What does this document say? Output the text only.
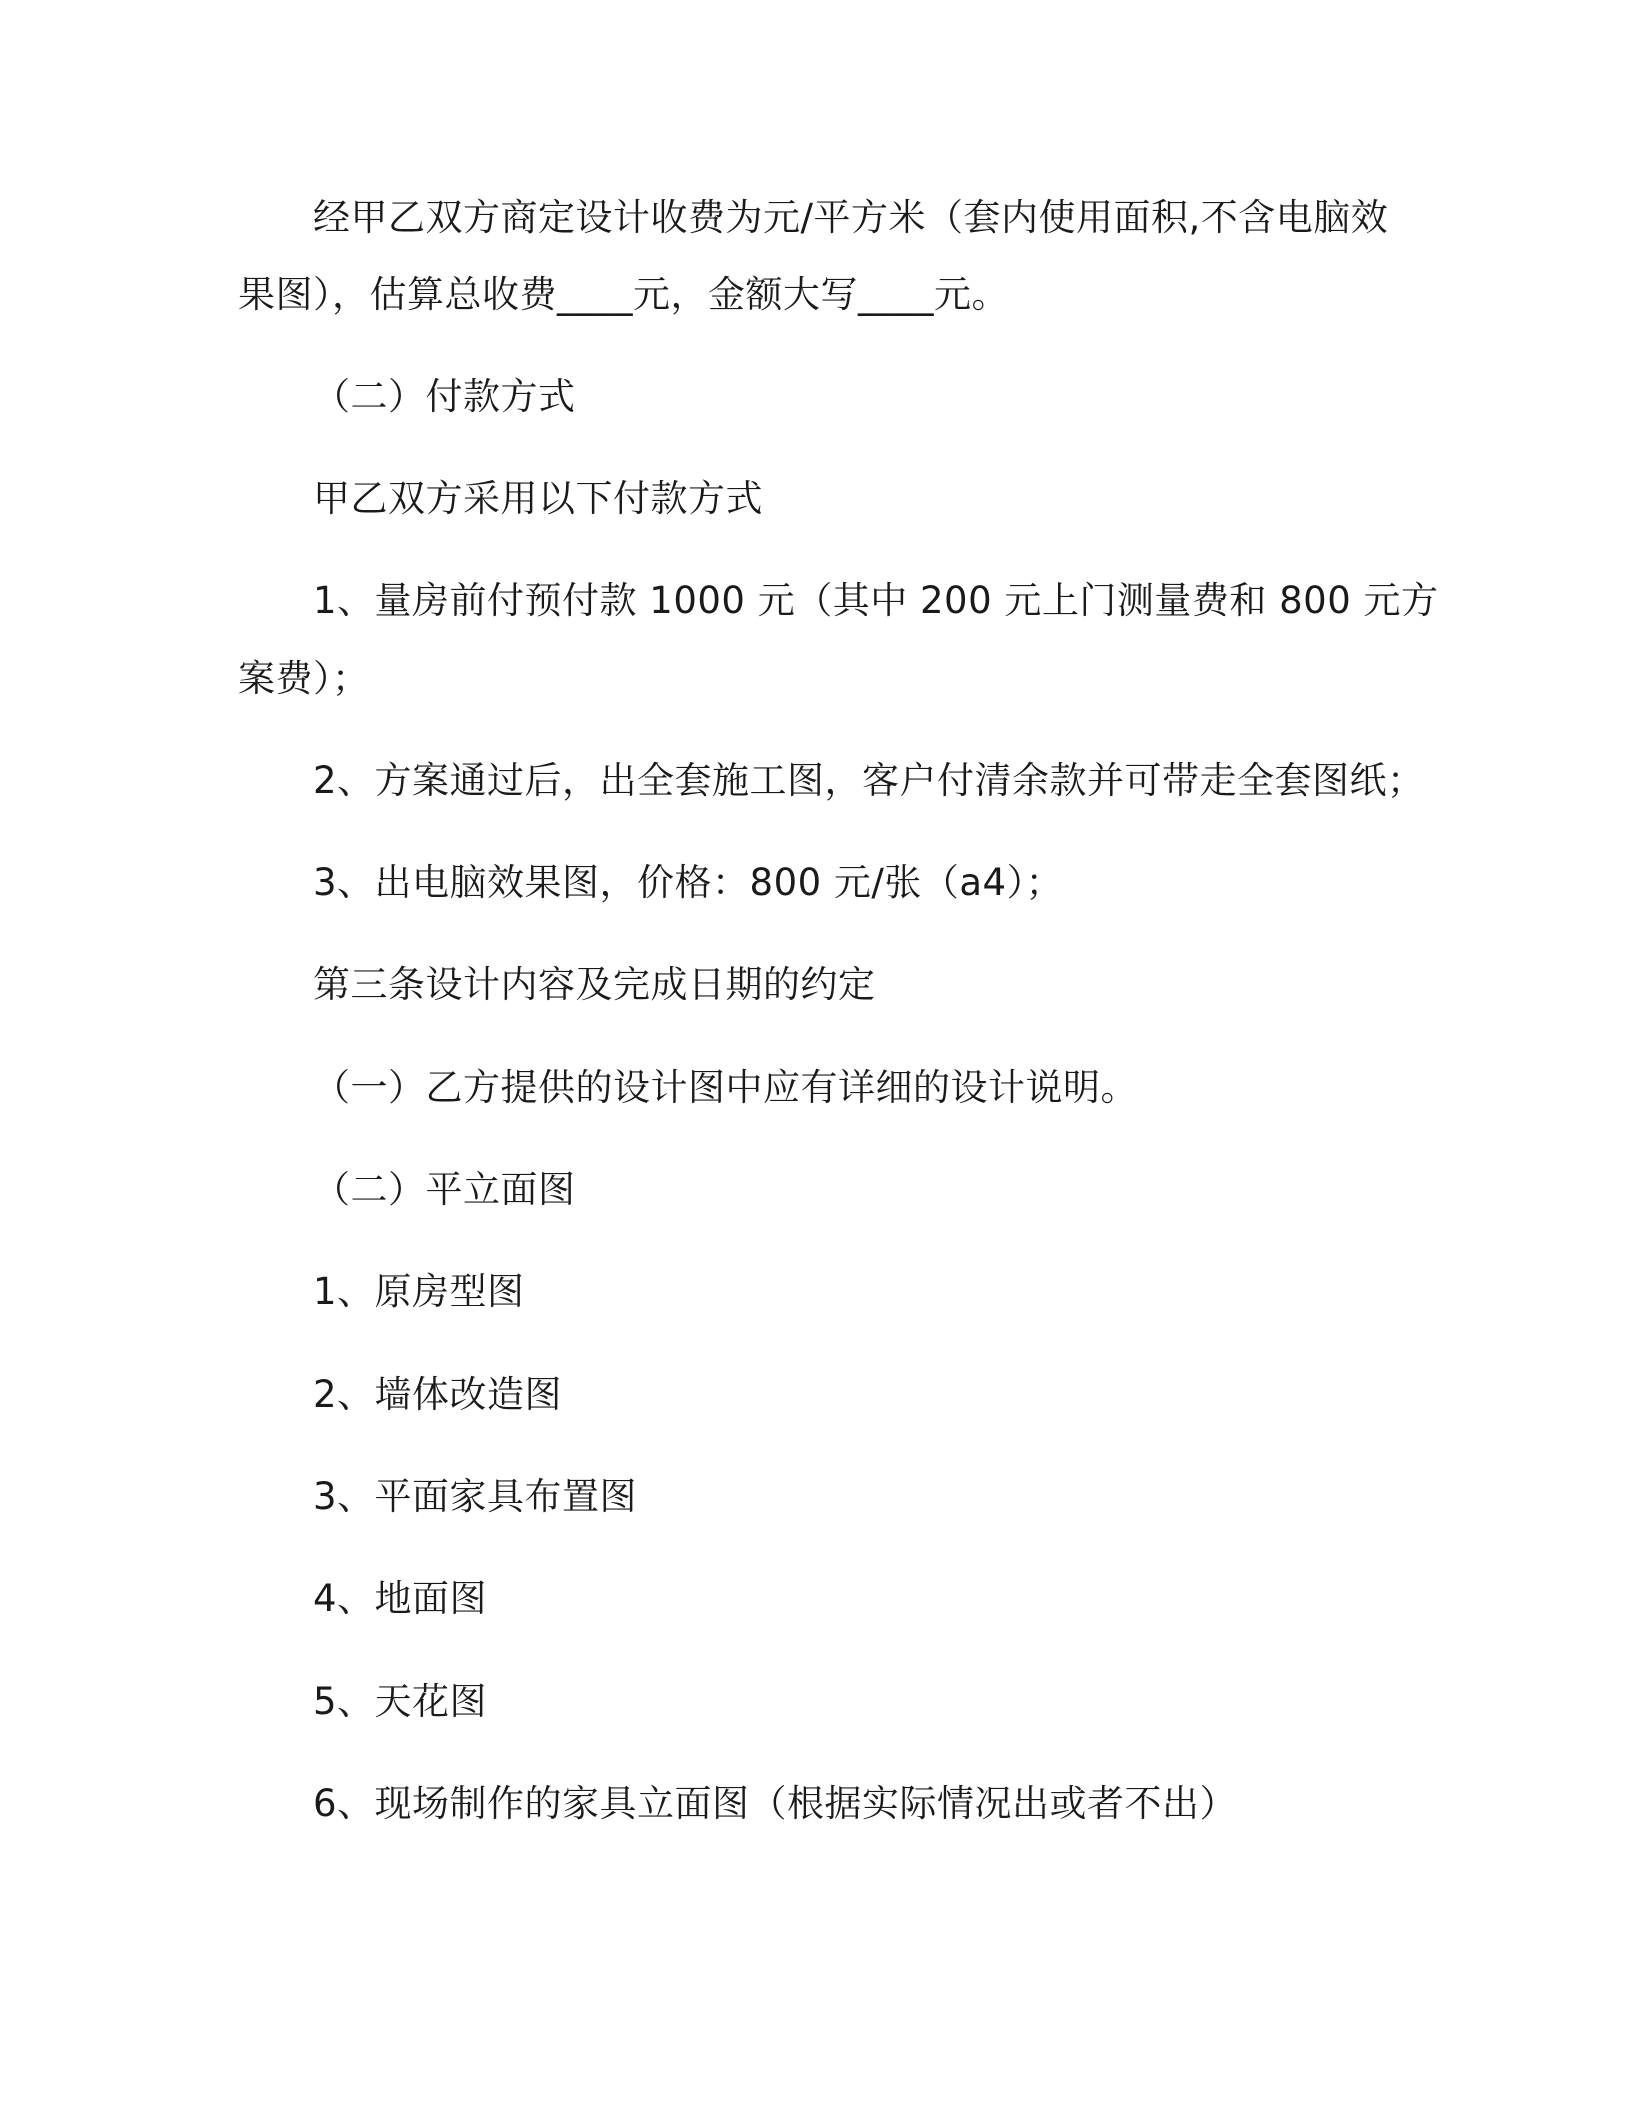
经甲乙双方商定设计收费为元/平方米（套内使用面积,不含电脑效
果图），估算总收费____元，金额大写____元。
（二）付款方式
甲乙双方采用以下付款方式
1、量房前付预付款 1000 元（其中 200 元上门测量费和 800 元方
案费）；
2、方案通过后，出全套施工图，客户付清余款并可带走全套图纸；
3、出电脑效果图，价格：800 元/张（a4）；
第三条设计内容及完成日期的约定
（一）乙方提供的设计图中应有详细的设计说明。
（二）平立面图
1、原房型图
2、墙体改造图
3、平面家具布置图
4、地面图
5、天花图
6、现场制作的家具立面图（根据实际情况出或者不出）
